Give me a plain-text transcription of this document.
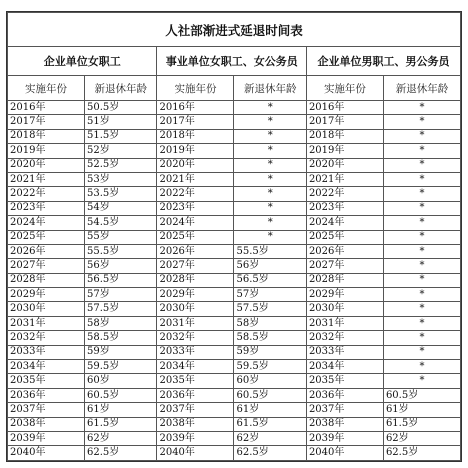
人社部渐进式延退时间表					
企业单位女职工		事业单位女职工、女公务员		企业单位男职工、男公务员	
实施年份	新退休年龄	实施年份	新退休年龄	实施年份	新退休年龄
2016年	50.5岁	2016年	*	2016年	*
2017年	51岁	2017年	*	2017年	*
2018年	51.5岁	2018年	*	2018年	*
2019年	52岁	2019年	*	2019年	*
2020年	52.5岁	2020年	*	2020年	*
2021年	53岁	2021年	*	2021年	*
2022年	53.5岁	2022年	*	2022年	*
2023年	54岁	2023年	*	2023年	*
2024年	54.5岁	2024年	*	2024年	*
2025年	55岁	2025年	*	2025年	*
2026年	55.5岁	2026年	55.5岁	2026年	*
2027年	56岁	2027年	56岁	2027年	*
2028年	56.5岁	2028年	56.5岁	2028年	*
2029年	57岁	2029年	57岁	2029年	*
2030年	57.5岁	2030年	57.5岁	2030年	*
2031年	58岁	2031年	58岁	2031年	*
2032年	58.5岁	2032年	58.5岁	2032年	*
2033年	59岁	2033年	59岁	2033年	*
2034年	59.5岁	2034年	59.5岁	2034年	*
2035年	60岁	2035年	60岁	2035年	*
2036年	60.5岁	2036年	60.5岁	2036年	60.5岁
2037年	61岁	2037年	61岁	2037年	61岁
2038年	61.5岁	2038年	61.5岁	2038年	61.5岁
2039年	62岁	2039年	62岁	2039年	62岁
2040年	62.5岁	2040年	62.5岁	2040年	62.5岁
